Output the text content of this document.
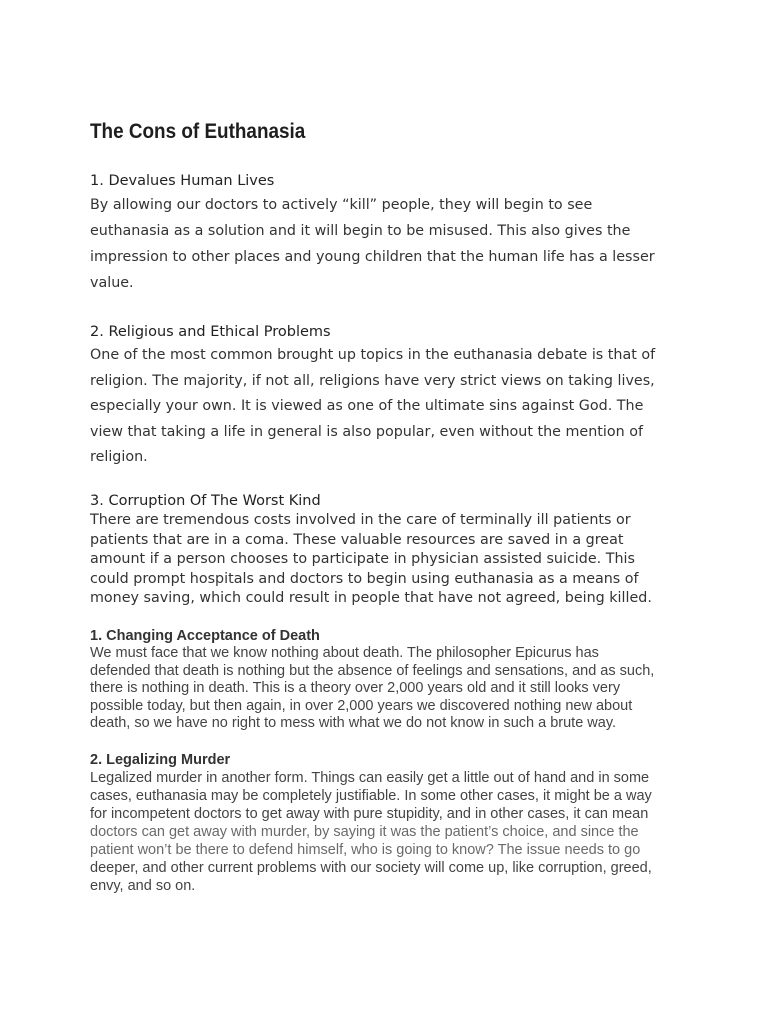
The Cons of Euthanasia
1. Devalues Human Lives

By allowing our doctors to actively “kill” people, they will begin to see
euthanasia as a solution and it will begin to be misused. This also gives the
impression to other places and young children that the human life has a lesser
value.

2. Religious and Ethical Problems

One of the most common brought up topics in the euthanasia debate is that of
religion. The majority, if not all, religions have very strict views on taking lives,
especially your own. It is viewed as one of the ultimate sins against God. The
view that taking a life in general is also popular, even without the mention of
religion.

3. Corruption Of The Worst Kind

There are tremendous costs involved in the care of terminally ill patients or
patients that are in a coma. These valuable resources are saved in a great
amount if a person chooses to participate in physician assisted suicide. This
could prompt hospitals and doctors to begin using euthanasia as a means of
money saving, which could result in people that have not agreed, being killed.

1. Changing Acceptance of Death

We must face that we know nothing about death. The philosopher Epicurus has
defended that death is nothing but the absence of feelings and sensations, and as such,
there is nothing in death. This is a theory over 2,000 years old and it still looks very
possible today, but then again, in over 2,000 years we discovered nothing new about
death, so we have no right to mess with what we do not know in such a brute way.

2. Legalizing Murder

Legalized murder in another form. Things can easily get a little out of hand and in some
cases, euthanasia may be completely justifiable. In some other cases, it might be a way
for incompetent doctors to get away with pure stupidity, and in other cases, it can mean
doctors can get away with murder, by saying it was the patient’s choice, and since the
patient won’t be there to defend himself, who is going to know? The issue needs to go
deeper, and other current problems with our society will come up, like corruption, greed,
envy, and so on.
